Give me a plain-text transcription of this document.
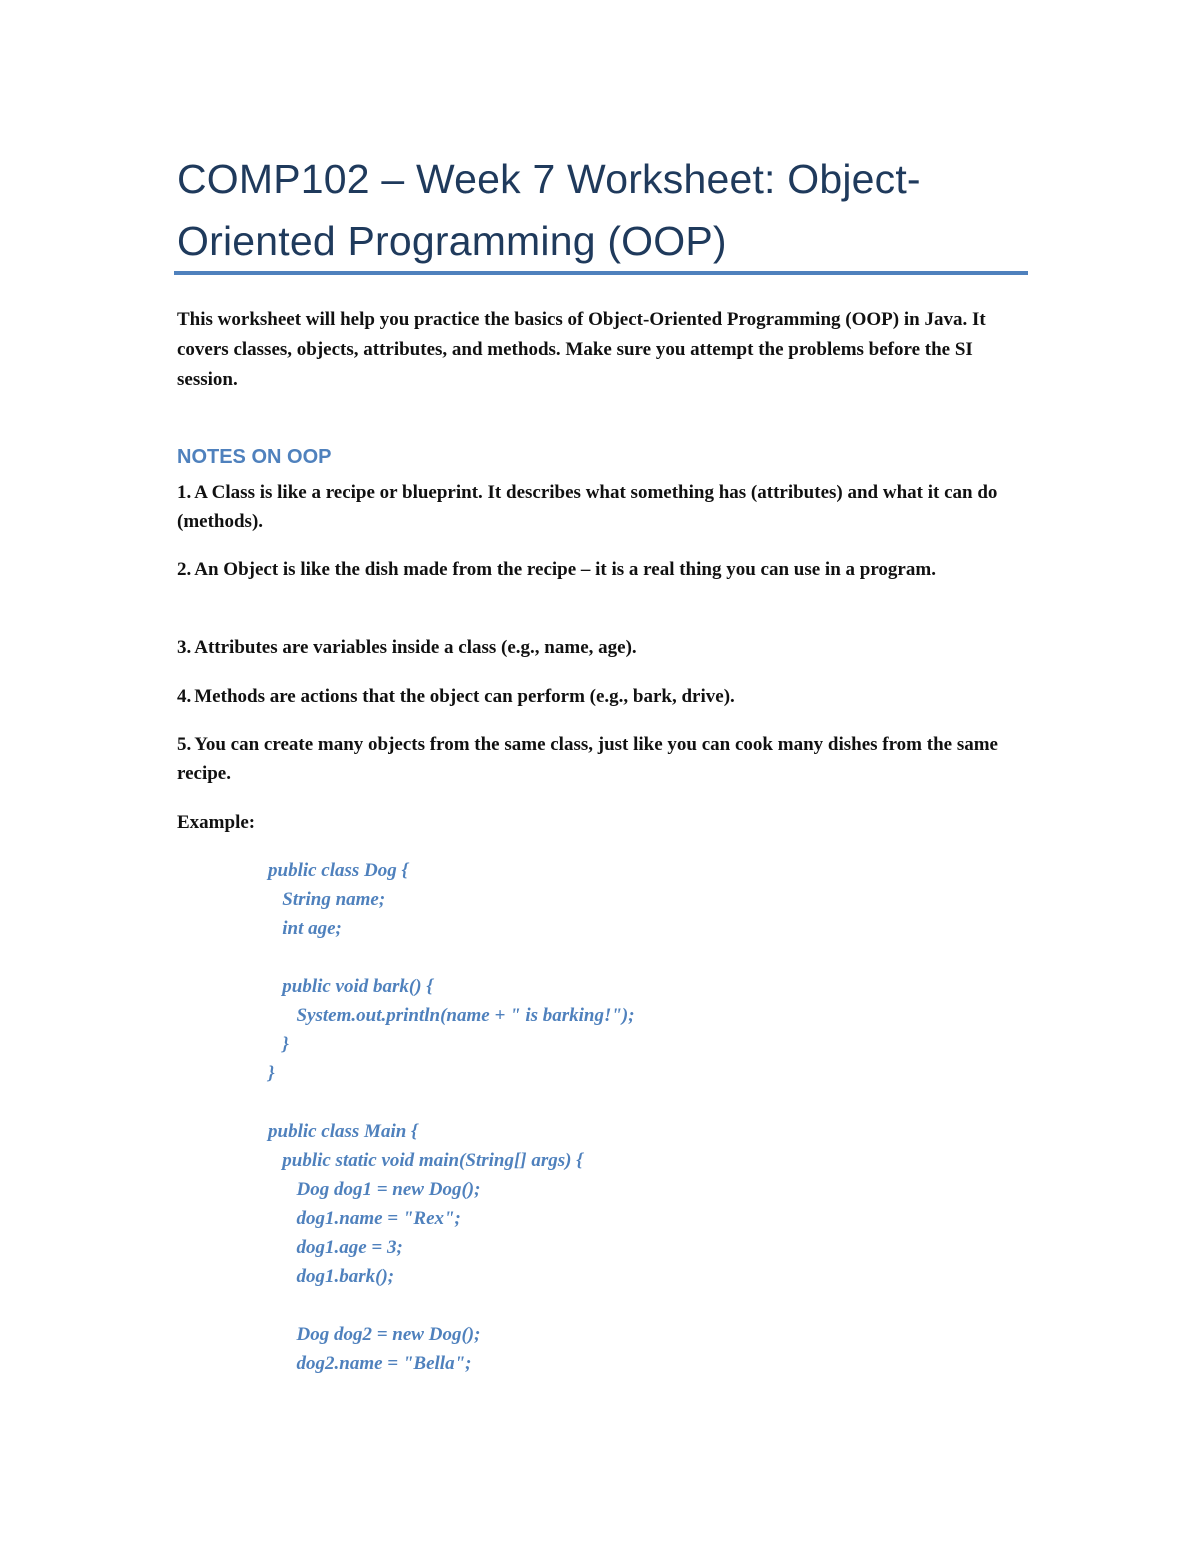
COMP102 – Week 7 Worksheet: Object-Oriented Programming (OOP)
This worksheet will help you practice the basics of Object-Oriented Programming (OOP) in Java. It covers classes, objects, attributes, and methods. Make sure you attempt the problems before the SI session.
NOTES ON OOP
1. A Class is like a recipe or blueprint. It describes what something has (attributes) and what it can do (methods).
2. An Object is like the dish made from the recipe – it is a real thing you can use in a program.
3. Attributes are variables inside a class (e.g., name, age).
4. Methods are actions that the object can perform (e.g., bark, drive).
5. You can create many objects from the same class, just like you can cook many dishes from the same recipe.
Example:
public class Dog {
String name;
int age;
public void bark() {
System.out.println(name + " is barking!");
}
}
public class Main {
public static void main(String[] args) {
Dog dog1 = new Dog();
dog1.name = "Rex";
dog1.age = 3;
dog1.bark();
Dog dog2 = new Dog();
dog2.name = "Bella";
